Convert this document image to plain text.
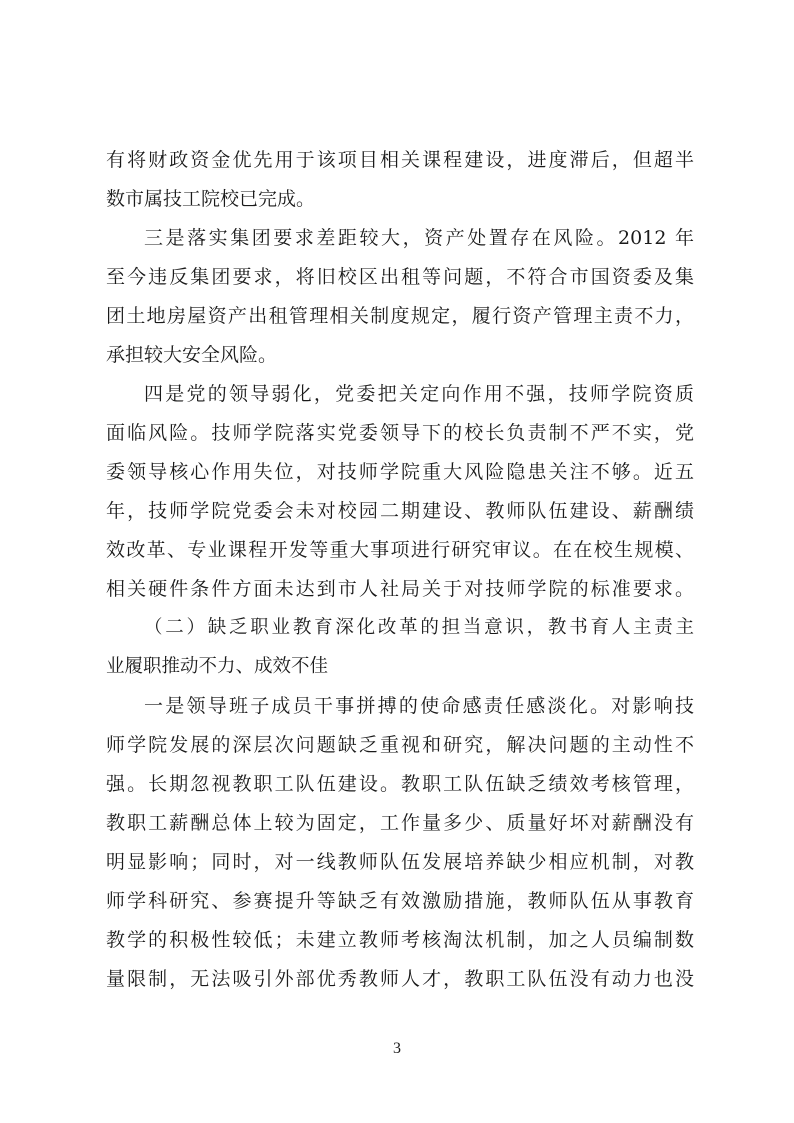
有将财政资金优先用于该项目相关课程建设，进度滞后，但超半
数市属技工院校已完成。
三是落实集团要求差距较大，资产处置存在风险。2012 年
至今违反集团要求，将旧校区出租等问题，不符合市国资委及集
团土地房屋资产出租管理相关制度规定，履行资产管理主责不力，
承担较大安全风险。
四是党的领导弱化，党委把关定向作用不强，技师学院资质
面临风险。技师学院落实党委领导下的校长负责制不严不实，党
委领导核心作用失位，对技师学院重大风险隐患关注不够。近五
年，技师学院党委会未对校园二期建设、教师队伍建设、薪酬绩
效改革、专业课程开发等重大事项进行研究审议。在在校生规模、
相关硬件条件方面未达到市人社局关于对技师学院的标准要求。
（二）缺乏职业教育深化改革的担当意识，教书育人主责主
业履职推动不力、成效不佳
一是领导班子成员干事拼搏的使命感责任感淡化。对影响技
师学院发展的深层次问题缺乏重视和研究，解决问题的主动性不
强。长期忽视教职工队伍建设。教职工队伍缺乏绩效考核管理，
教职工薪酬总体上较为固定，工作量多少、质量好坏对薪酬没有
明显影响；同时，对一线教师队伍发展培养缺少相应机制，对教
师学科研究、参赛提升等缺乏有效激励措施，教师队伍从事教育
教学的积极性较低；未建立教师考核淘汰机制，加之人员编制数
量限制，无法吸引外部优秀教师人才，教职工队伍没有动力也没
3
